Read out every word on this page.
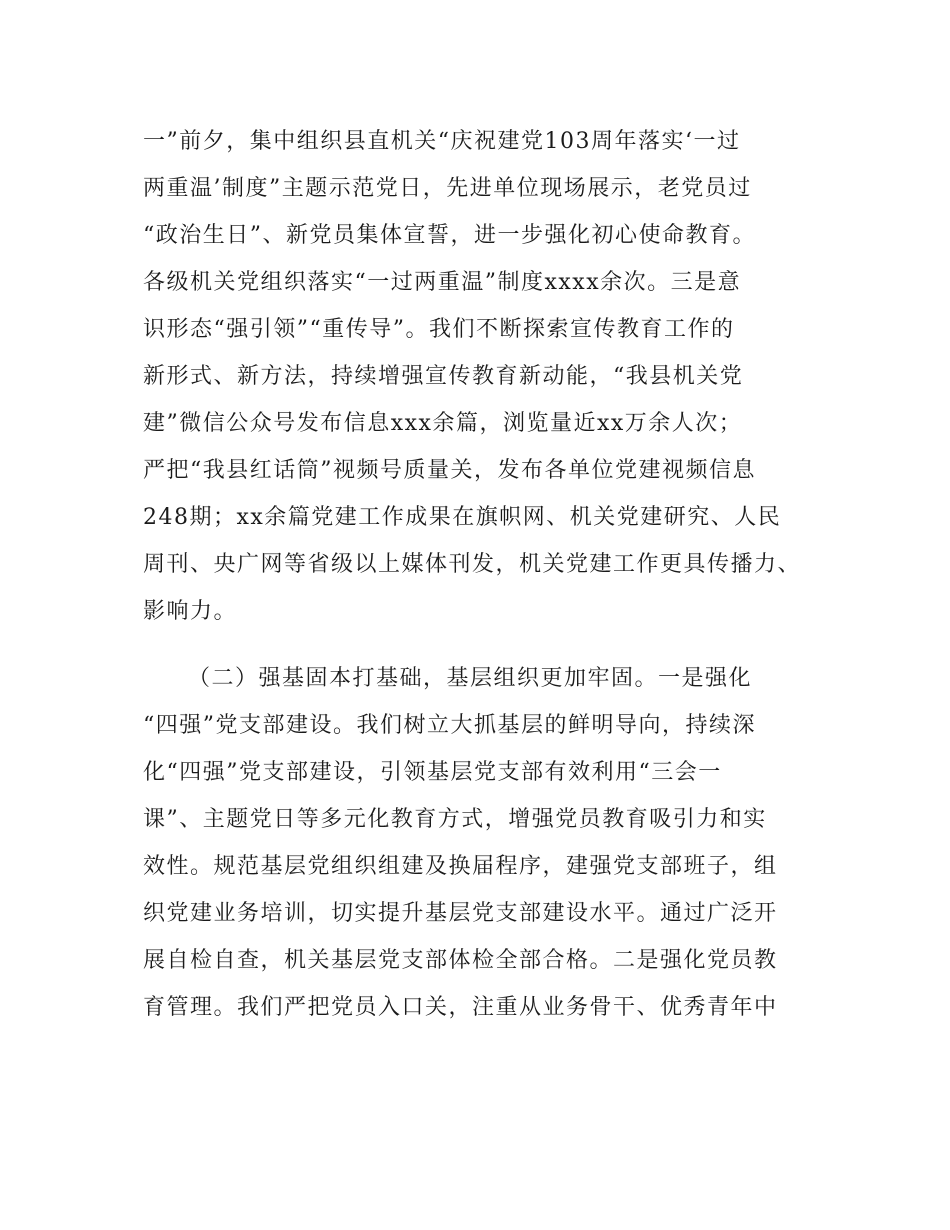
一”前夕，集中组织县直机关“庆祝建党103周年落实‘一过
两重温’制度”主题示范党日，先进单位现场展示，老党员过
“政治生日”、新党员集体宣誓，进一步强化初心使命教育。
各级机关党组织落实“一过两重温”制度xxxx余次。三是意
识形态“强引领”“重传导”。我们不断探索宣传教育工作的
新形式、新方法，持续增强宣传教育新动能，“我县机关党
建”微信公众号发布信息xxx余篇，浏览量近xx万余人次；
严把“我县红话筒”视频号质量关，发布各单位党建视频信息
248期；xx余篇党建工作成果在旗帜网、机关党建研究、人民
周刊、央广网等省级以上媒体刊发，机关党建工作更具传播力、
影响力。
（二）强基固本打基础，基层组织更加牢固。一是强化
“四强”党支部建设。我们树立大抓基层的鲜明导向，持续深
化“四强”党支部建设，引领基层党支部有效利用“三会一
课”、主题党日等多元化教育方式，增强党员教育吸引力和实
效性。规范基层党组织组建及换届程序，建强党支部班子，组
织党建业务培训，切实提升基层党支部建设水平。通过广泛开
展自检自查，机关基层党支部体检全部合格。二是强化党员教
育管理。我们严把党员入口关，注重从业务骨干、优秀青年中
